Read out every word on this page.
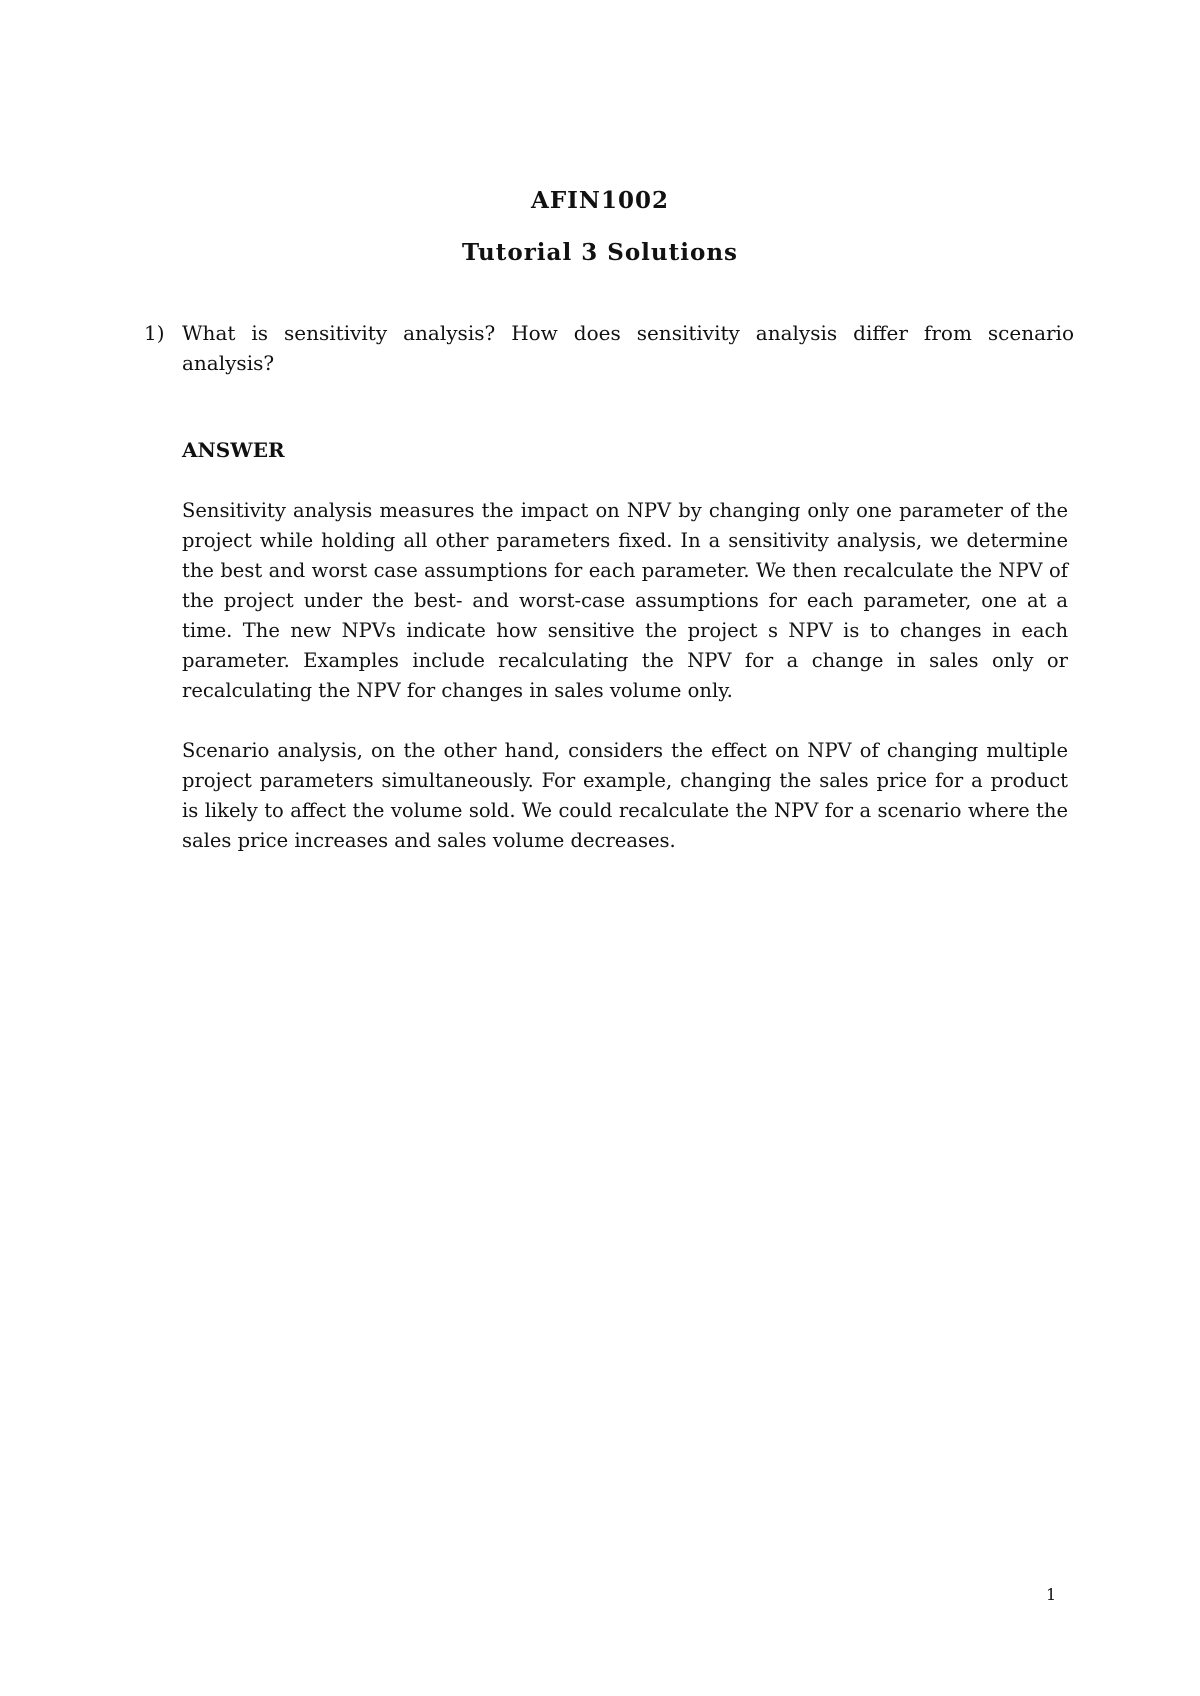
AFIN1002
Tutorial 3 Solutions
1) What is sensitivity analysis? How does sensitivity analysis differ from scenario analysis?

ANSWER

Sensitivity analysis measures the impact on NPV by changing only one parameter of the project while holding all other parameters fixed. In a sensitivity analysis, we determine the best and worst case assumptions for each parameter. We then recalculate the NPV of the project under the best- and worst-case assumptions for each parameter, one at a time. The new NPVs indicate how sensitive the project s NPV is to changes in each parameter. Examples include recalculating the NPV for a change in sales only or recalculating the NPV for changes in sales volume only.

Scenario analysis, on the other hand, considers the effect on NPV of changing multiple project parameters simultaneously. For example, changing the sales price for a product is likely to affect the volume sold. We could recalculate the NPV for a scenario where the sales price increases and sales volume decreases.

1
